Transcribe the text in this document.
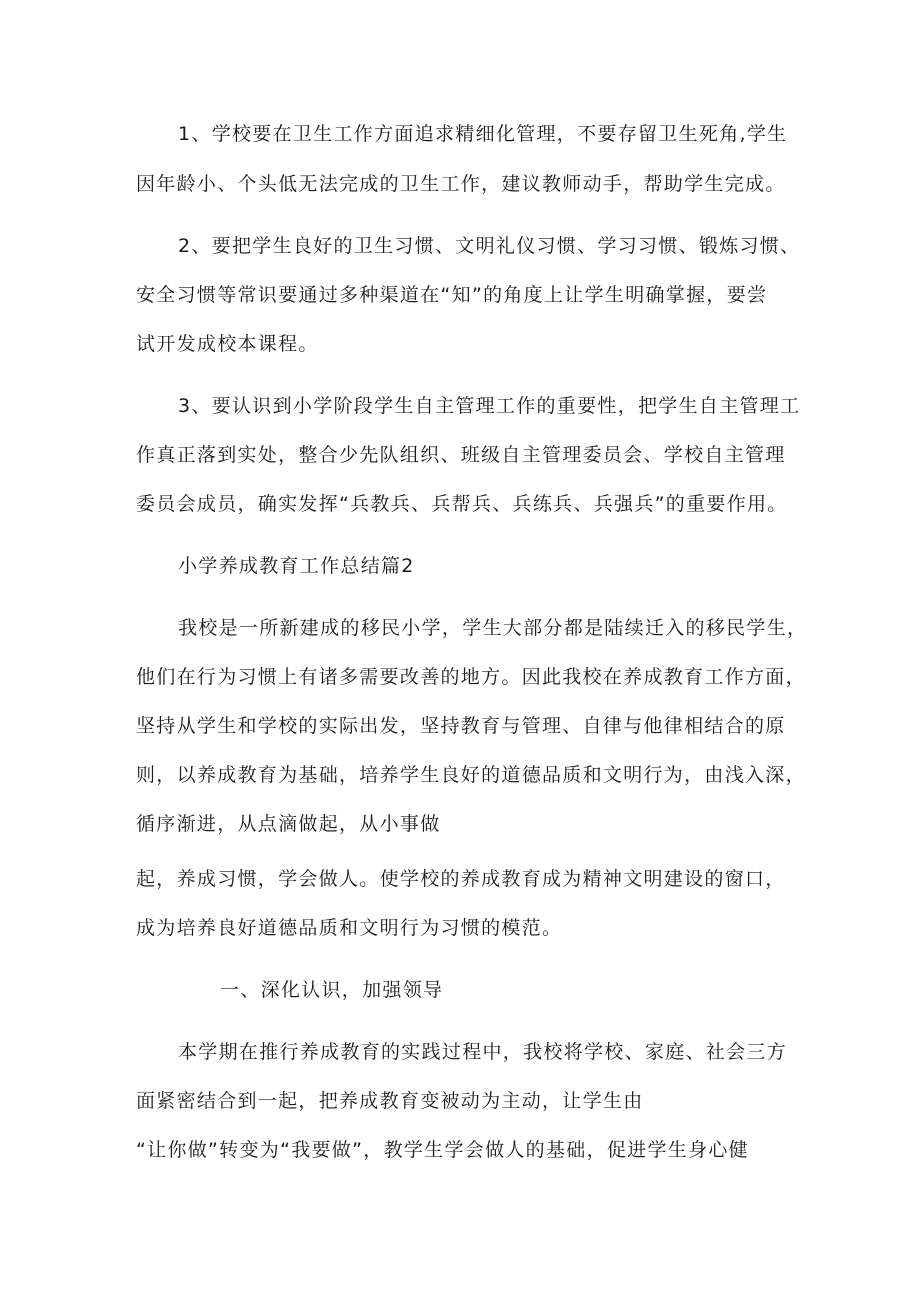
1、学校要在卫生工作方面追求精细化管理，不要存留卫生死角,学生

因年龄小、个头低无法完成的卫生工作，建议教师动手，帮助学生完成。

2、要把学生良好的卫生习惯、文明礼仪习惯、学习习惯、锻炼习惯、

安全习惯等常识要通过多种渠道在“知”的角度上让学生明确掌握，要尝

试开发成校本课程。

3、要认识到小学阶段学生自主管理工作的重要性，把学生自主管理工

作真正落到实处，整合少先队组织、班级自主管理委员会、学校自主管理

委员会成员，确实发挥“兵教兵、兵帮兵、兵练兵、兵强兵”的重要作用。

小学养成教育工作总结篇2

我校是一所新建成的移民小学，学生大部分都是陆续迁入的移民学生，

他们在行为习惯上有诸多需要改善的地方。因此我校在养成教育工作方面，

坚持从学生和学校的实际出发，坚持教育与管理、自律与他律相结合的原

则，以养成教育为基础，培养学生良好的道德品质和文明行为，由浅入深，

循序渐进，从点滴做起，从小事做

起，养成习惯，学会做人。使学校的养成教育成为精神文明建设的窗口，

成为培养良好道德品质和文明行为习惯的模范。

一、深化认识，加强领导

本学期在推行养成教育的实践过程中，我校将学校、家庭、社会三方

面紧密结合到一起，把养成教育变被动为主动，让学生由

“让你做”转变为“我要做”，教学生学会做人的基础，促进学生身心健
